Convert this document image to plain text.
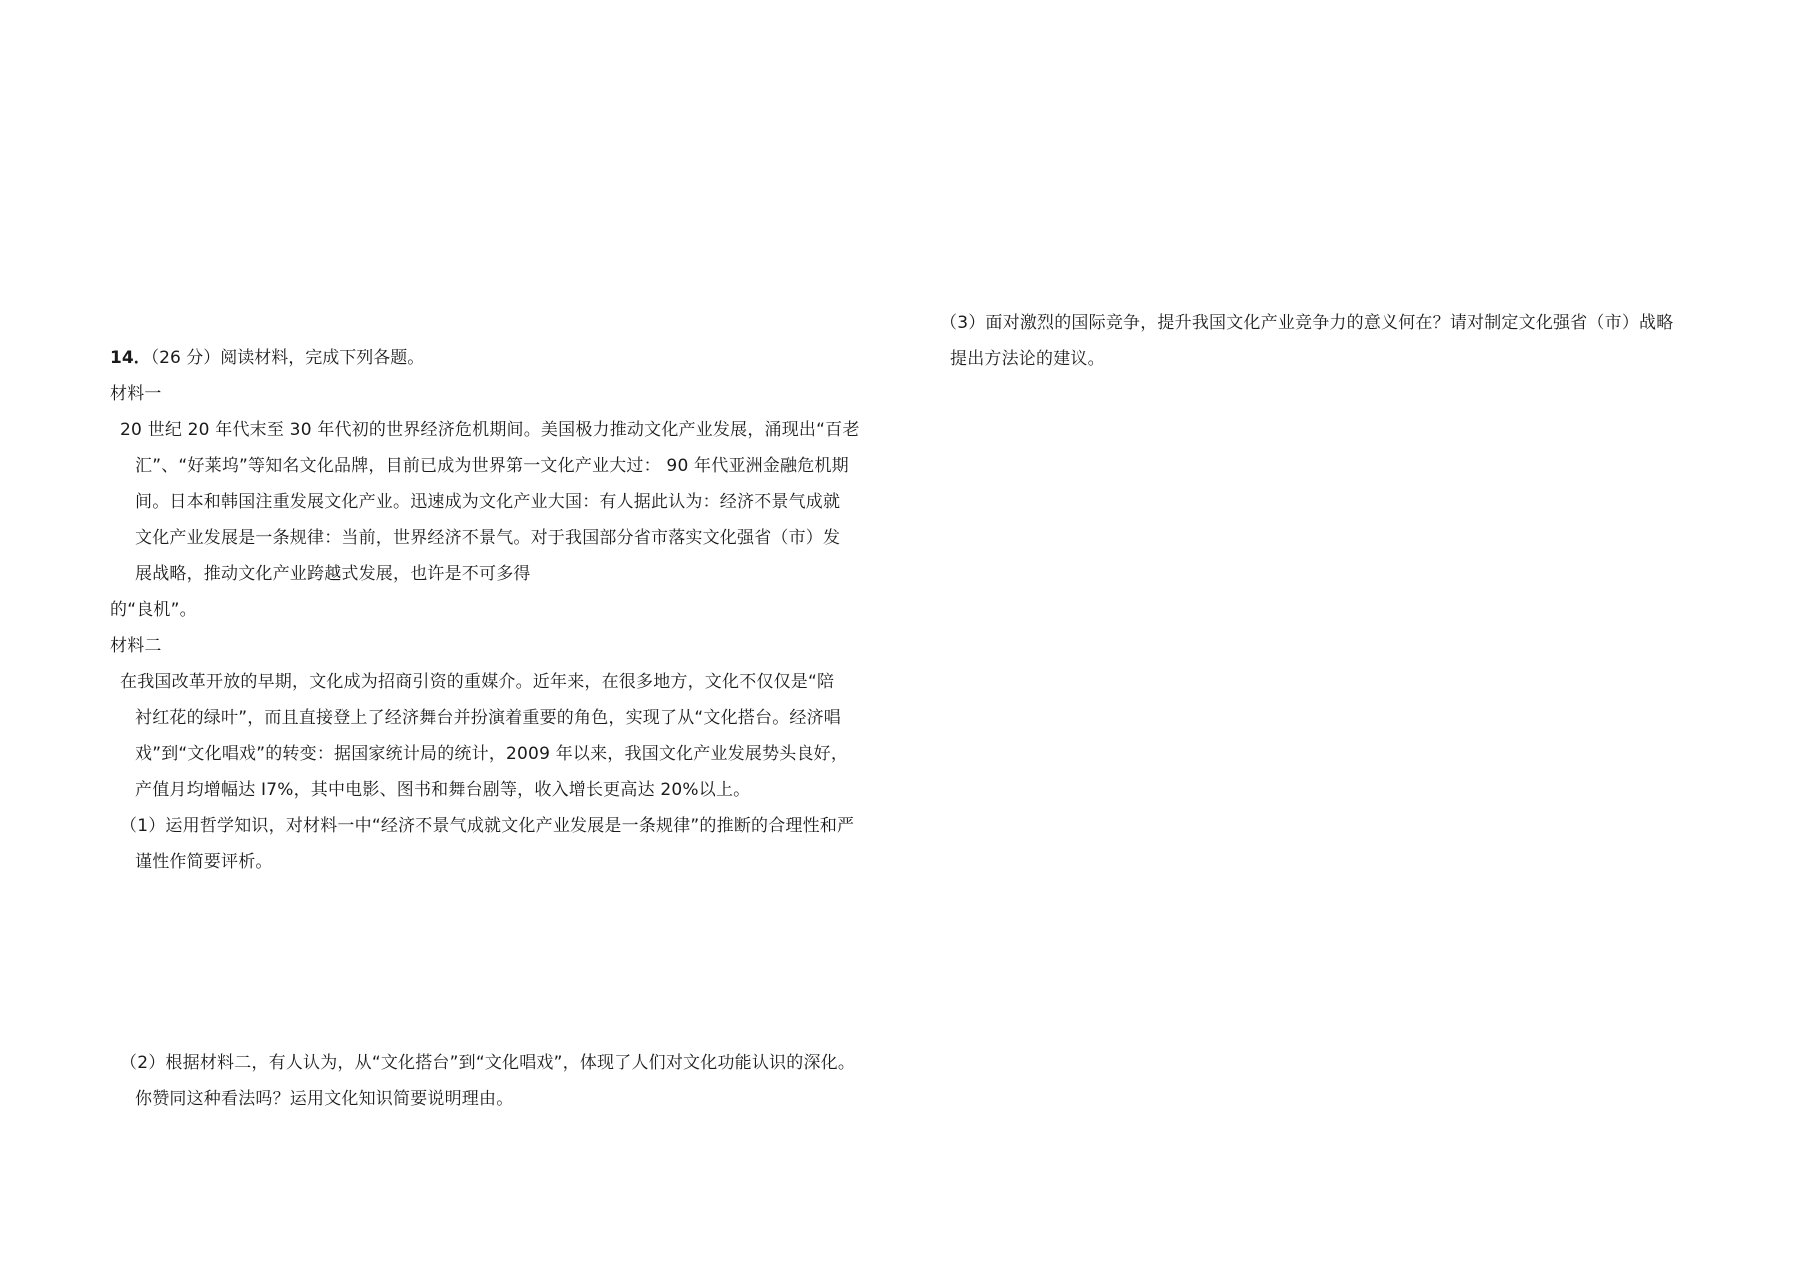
14．（26 分）阅读材料，完成下列各题。
材料一
20 世纪 20 年代末至 30 年代初的世界经济危机期间。美国极力推动文化产业发展，涌现出“百老
汇”、“好莱坞”等知名文化品牌，目前已成为世界第一文化产业大过： 90 年代亚洲金融危机期
间。日本和韩国注重发展文化产业。迅速成为文化产业大国：有人据此认为：经济不景气成就
文化产业发展是一条规律：当前，世界经济不景气。对于我国部分省市落实文化强省（市）发
展战略，推动文化产业跨越式发展，也许是不可多得
的“良机”。
材料二
在我国改革开放的早期，文化成为招商引资的重媒介。近年来，在很多地方，文化不仅仅是“陪
衬红花的绿叶”，而且直接登上了经济舞台并扮演着重要的角色，实现了从“文化搭台。经济唱
戏”到“文化唱戏”的转变：据国家统计局的统计，2009 年以来，我国文化产业发展势头良好，
产值月均增幅达 I7%，其中电影、图书和舞台剧等，收入增长更高达 20%以上。
（1）运用哲学知识，对材料一中“经济不景气成就文化产业发展是一条规律”的推断的合理性和严
谨性作简要评析。
（2）根据材料二，有人认为，从“文化搭台”到“文化唱戏”，体现了人们对文化功能认识的深化。
你赞同这种看法吗？运用文化知识简要说明理由。
（3）面对激烈的国际竞争，提升我国文化产业竞争力的意义何在？请对制定文化强省（市）战略
提出方法论的建议。
